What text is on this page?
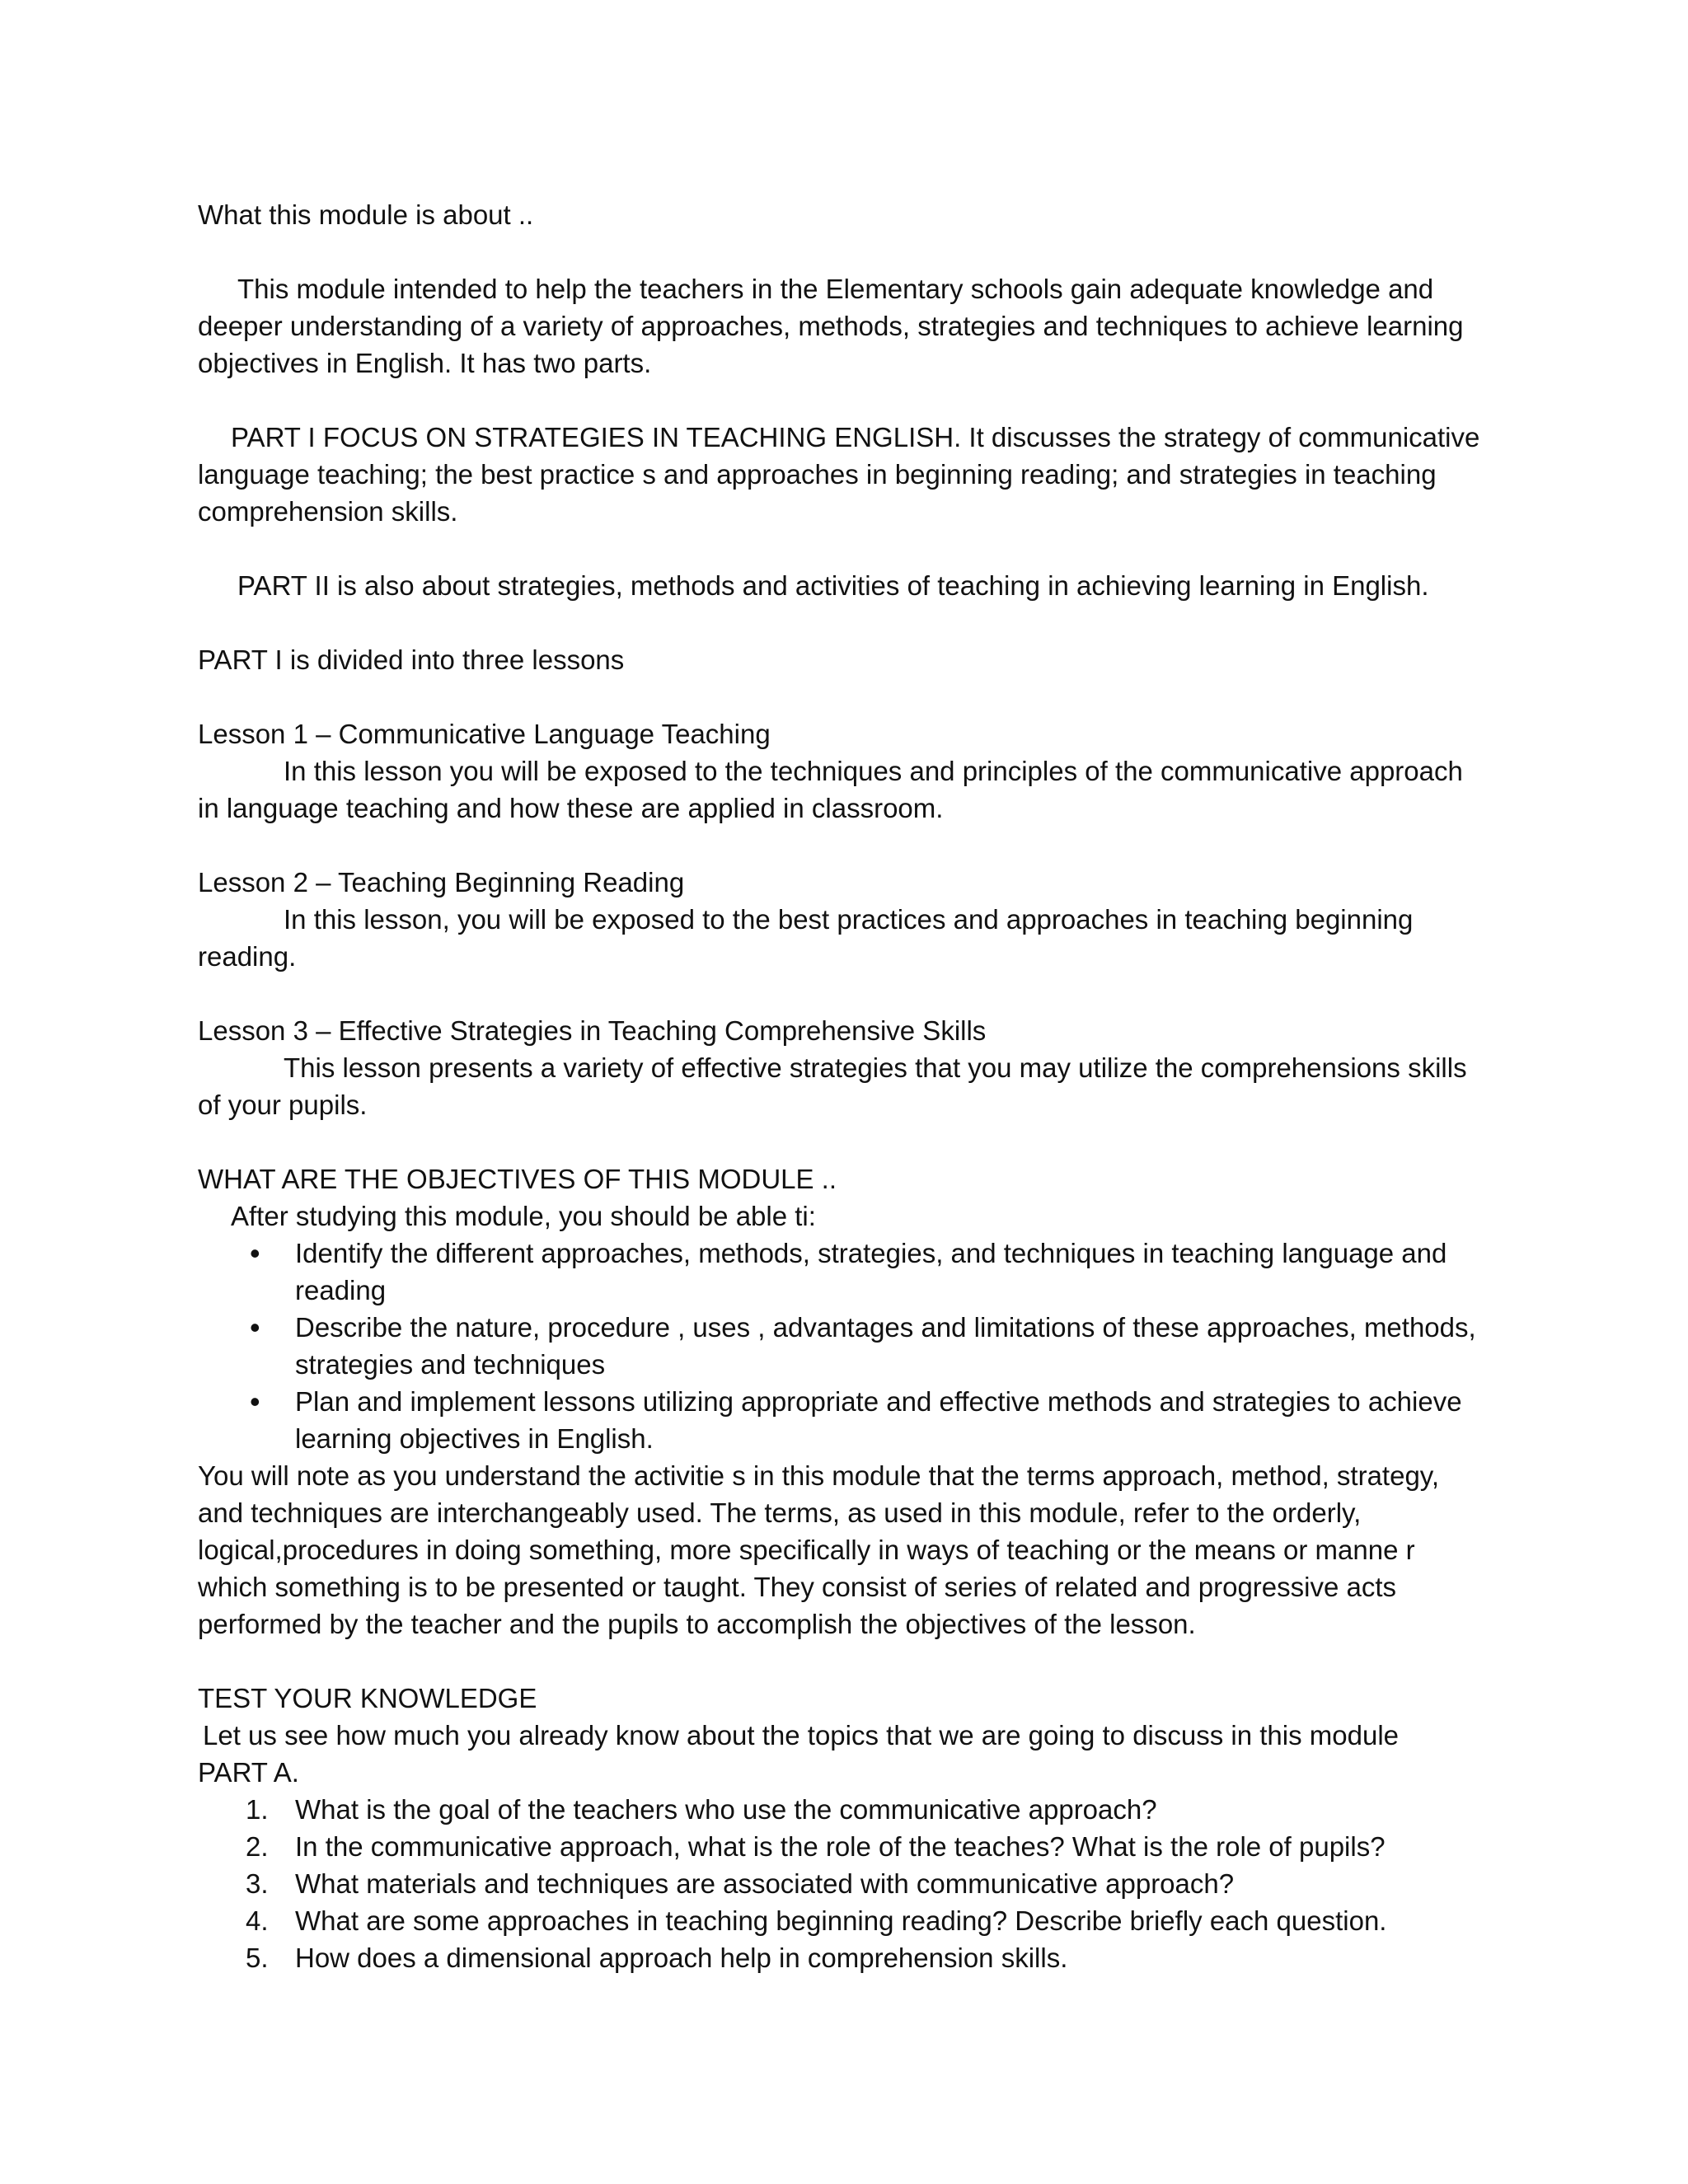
What this module is about ..

This module intended to help the teachers in the Elementary schools gain adequate knowledge and deeper understanding of a variety of approaches, methods, strategies and techniques to achieve learning objectives in English. It has two parts.

PART I FOCUS ON STRATEGIES IN TEACHING ENGLISH. It discusses the strategy of communicative language teaching; the best practice s and approaches in beginning reading; and strategies in teaching comprehension skills.

PART II is also about strategies, methods and activities of teaching in achieving learning in English.

PART I is divided into three lessons

Lesson 1 – Communicative Language Teaching

In this lesson you will be exposed to the techniques and principles of the communicative approach in language teaching and how these are applied in classroom.

Lesson 2 – Teaching Beginning Reading

In this lesson, you will be exposed to the best practices and approaches in teaching beginning reading.

Lesson 3 – Effective Strategies in Teaching Comprehensive Skills

This lesson presents a variety of effective strategies that you may utilize the comprehensions skills of your pupils.

WHAT ARE THE OBJECTIVES OF THIS MODULE ..

After studying this module, you should be able ti:

• Identify the different approaches, methods, strategies, and techniques in teaching language and reading
• Describe the nature, procedure , uses , advantages and limitations of these approaches, methods, strategies and techniques
• Plan and implement lessons utilizing appropriate and effective methods and strategies to achieve learning objectives in English.

You will note as you understand the activitie s in this module that the terms approach, method, strategy, and techniques are interchangeably used. The terms, as used in this module, refer to the orderly, logical,procedures in doing something, more specifically in ways of teaching or the means or manne r which something is to be presented or taught. They consist of series of related and progressive acts performed by the teacher and the pupils to accomplish the objectives of the lesson.

TEST YOUR KNOWLEDGE

Let us see how much you already know about the topics that we are going to discuss in this module

PART A.

1. What is the goal of the teachers who use the communicative approach?
2. In the communicative approach, what is the role of the teaches? What is the role of pupils?
3. What materials and techniques are associated with communicative approach?
4. What are some approaches in teaching beginning reading? Describe briefly each question.
5. How does a dimensional approach help in comprehension skills.
